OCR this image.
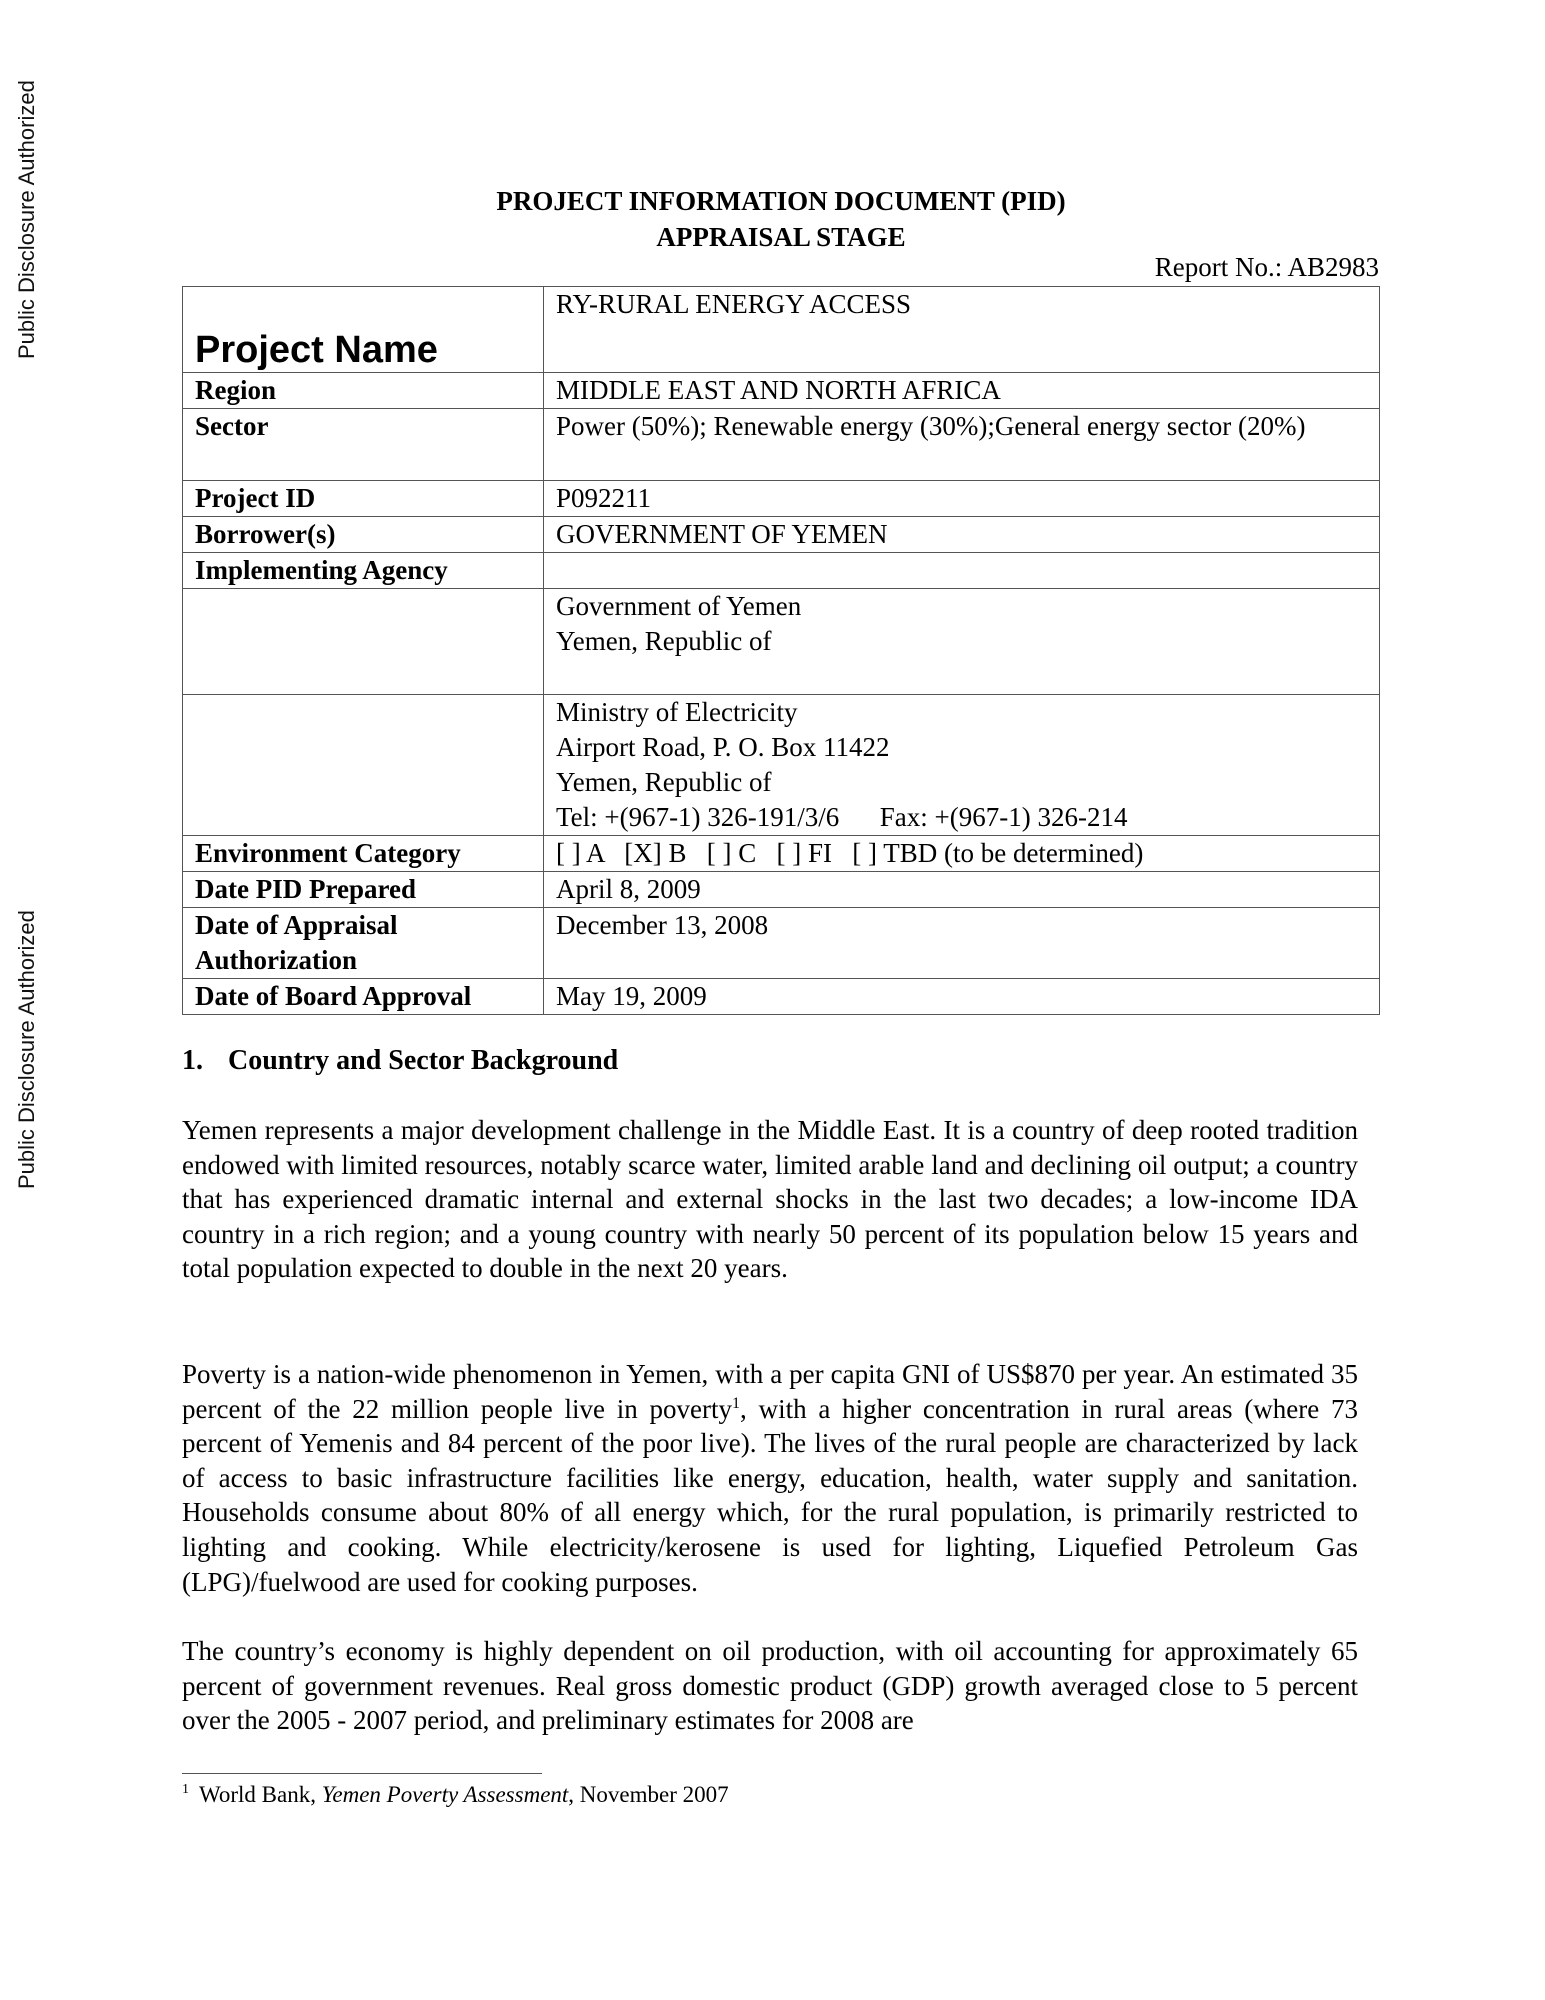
Public Disclosure Authorized
Public Disclosure Authorized
PROJECT INFORMATION DOCUMENT (PID)
APPRAISAL STAGE
Report No.: AB2983
Project Name	RY-RURAL ENERGY ACCESS
Region	MIDDLE EAST AND NORTH AFRICA
Sector	Power (50%); Renewable energy (30%);General energy sector (20%)
Project ID	P092211
Borrower(s)	GOVERNMENT OF YEMEN
Implementing Agency	

	Government of Yemen
Yemen, Republic of

	Ministry of Electricity
Airport Road, P. O. Box 11422
Yemen, Republic of
Tel: +(967-1) 326-191/3/6      Fax: +(967-1) 326-214

Environment Category	[ ] A   [X] B   [ ] C   [ ] FI   [ ] TBD (to be determined)
Date PID Prepared	April 8, 2009
Date of Appraisal Authorization	December 13, 2008
Date of Board Approval	May 19, 2009
1. Country and Sector Background

Yemen represents a major development challenge in the Middle East. It is a country of deep rooted tradition endowed with limited resources, notably scarce water, limited arable land and declining oil output; a country that has experienced dramatic internal and external shocks in the last two decades; a low-income IDA country in a rich region; and a young country with nearly 50 percent of its population below 15 years and total population expected to double in the next 20 years.

Poverty is a nation-wide phenomenon in Yemen, with a per capita GNI of US$870 per year. An estimated 35 percent of the 22 million people live in poverty$^1$, with a higher concentration in rural areas (where 73 percent of Yemenis and 84 percent of the poor live). The lives of the rural people are characterized by lack of access to basic infrastructure facilities like energy, education, health, water supply and sanitation. Households consume about 80% of all energy which, for the rural population, is primarily restricted to lighting and cooking. While electricity/kerosene is used for lighting, Liquefied Petroleum Gas (LPG)/fuelwood are used for cooking purposes.

The country’s economy is highly dependent on oil production, with oil accounting for approximately 65 percent of government revenues. Real gross domestic product (GDP) growth averaged close to 5 percent over the 2005 - 2007 period, and preliminary estimates for 2008 are

$^1$ World Bank, Yemen Poverty Assessment, November 2007
